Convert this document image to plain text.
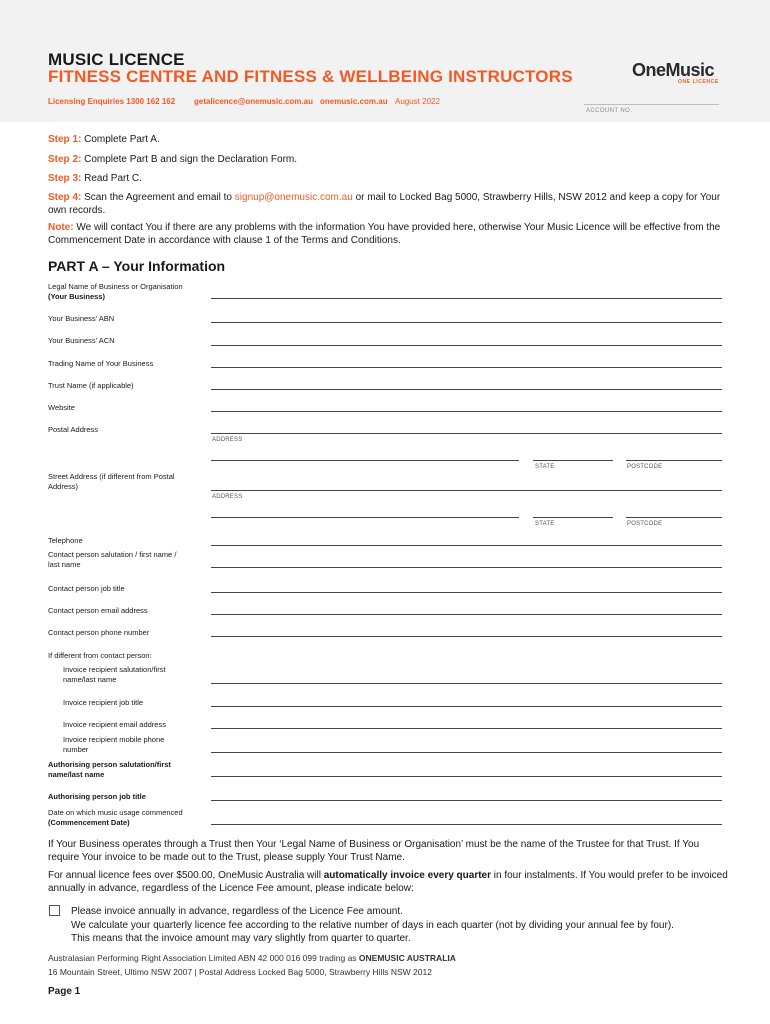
MUSIC LICENCE
FITNESS CENTRE AND FITNESS & WELLBEING INSTRUCTORS
Licensing Enquiries 1300 162 162 getalicence@onemusic.com.au onemusic.com.au August 2022
OneMusic
ONE LICENCE
ACCOUNT NO.
Step 1: Complete Part A.
Step 2: Complete Part B and sign the Declaration Form.
Step 3: Read Part C.
Step 4: Scan the Agreement and email to signup@onemusic.com.au or mail to Locked Bag 5000, Strawberry Hills, NSW 2012 and keep a copy for Your own records.
Note: We will contact You if there are any problems with the information You have provided here, otherwise Your Music Licence will be effective from the Commencement Date in accordance with clause 1 of the Terms and Conditions.
PART A – Your Information
Legal Name of Business or Organisation
(Your Business)
Your Business’ ABN
Your Business’ ACN
Trading Name of Your Business
Trust Name (if applicable)
Website
Postal Address
ADDRESS
STATE	POSTCODE
Street Address (if different from Postal Address)
ADDRESS
STATE	POSTCODE
Telephone
Contact person salutation / first name / last name
Contact person job title
Contact person email address
Contact person phone number
If different from contact person:
Invoice recipient salutation/first name/last name
Invoice recipient job title
Invoice recipient email address
Invoice recipient mobile phone number
Authorising person salutation/first name/last name
Authorising person job title
Date on which music usage commenced
(Commencement Date)
If Your Business operates through a Trust then Your ‘Legal Name of Business or Organisation’ must be the name of the Trustee for that Trust. If You require Your invoice to be made out to the Trust, please supply Your Trust Name.
For annual licence fees over $500.00, OneMusic Australia will automatically invoice every quarter in four instalments. If You would prefer to be invoiced annually in advance, regardless of the Licence Fee amount, please indicate below:
Please invoice annually in advance, regardless of the Licence Fee amount.
We calculate your quarterly licence fee according to the relative number of days in each quarter (not by dividing your annual fee by four).
This means that the invoice amount may vary slightly from quarter to quarter.
Australasian Performing Right Association Limited ABN 42 000 016 099 trading as ONEMUSIC AUSTRALIA
16 Mountain Street, Ultimo NSW 2007 | Postal Address Locked Bag 5000, Strawberry Hills NSW 2012
Page 1
